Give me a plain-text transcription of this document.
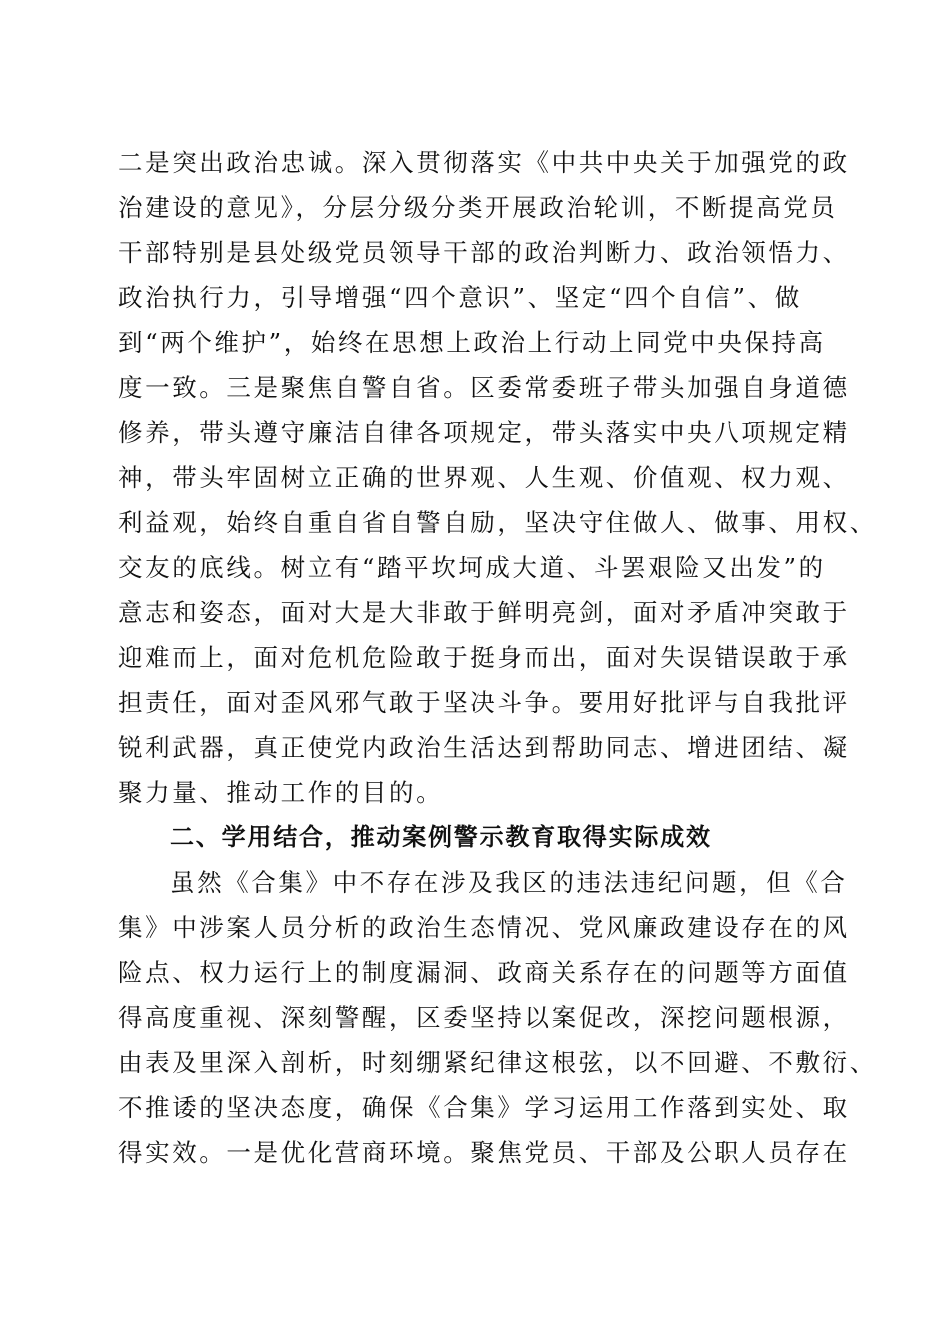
二是突出政治忠诚。深入贯彻落实《中共中央关于加强党的政
治建设的意见》，分层分级分类开展政治轮训，不断提高党员
干部特别是县处级党员领导干部的政治判断力、政治领悟力、
政治执行力，引导增强“四个意识”、坚定“四个自信”、做
到“两个维护”，始终在思想上政治上行动上同党中央保持高
度一致。三是聚焦自警自省。区委常委班子带头加强自身道德
修养，带头遵守廉洁自律各项规定，带头落实中央八项规定精
神，带头牢固树立正确的世界观、人生观、价值观、权力观、
利益观，始终自重自省自警自励，坚决守住做人、做事、用权、
交友的底线。树立有“踏平坎坷成大道、斗罢艰险又出发”的
意志和姿态，面对大是大非敢于鲜明亮剑，面对矛盾冲突敢于
迎难而上，面对危机危险敢于挺身而出，面对失误错误敢于承
担责任，面对歪风邪气敢于坚决斗争。要用好批评与自我批评
锐利武器，真正使党内政治生活达到帮助同志、增进团结、凝
聚力量、推动工作的目的。
二、学用结合，推动案例警示教育取得实际成效
虽然《合集》中不存在涉及我区的违法违纪问题，但《合
集》中涉案人员分析的政治生态情况、党风廉政建设存在的风
险点、权力运行上的制度漏洞、政商关系存在的问题等方面值
得高度重视、深刻警醒，区委坚持以案促改，深挖问题根源，
由表及里深入剖析，时刻绷紧纪律这根弦，以不回避、不敷衍、
不推诿的坚决态度，确保《合集》学习运用工作落到实处、取
得实效。一是优化营商环境。聚焦党员、干部及公职人员存在
